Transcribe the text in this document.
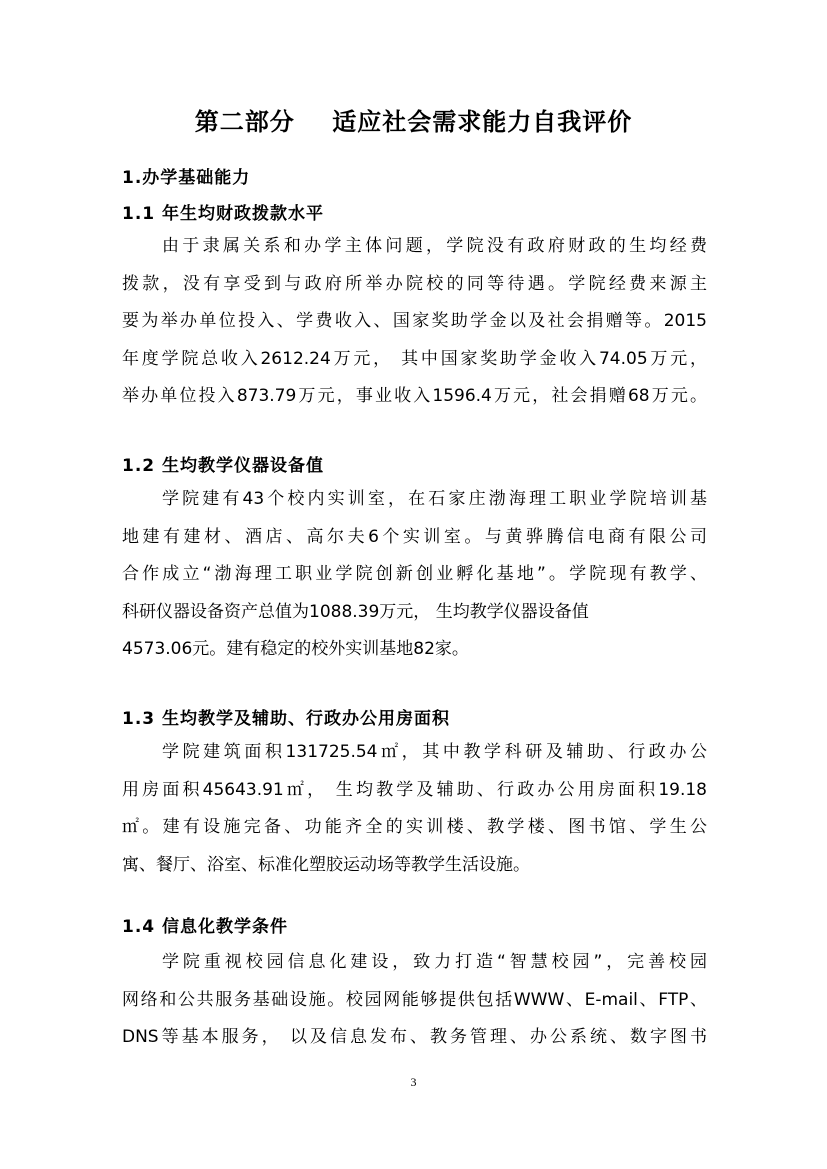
第二部分    适应社会需求能力自我评价
1.办学基础能力
1.1 年生均财政拨款水平
由于隶属关系和办学主体问题，学院没有政府财政的生均经费
拨款，没有享受到与政府所举办院校的同等待遇。学院经费来源主
要为举办单位投入、学费收入、国家奖助学金以及社会捐赠等。2015
年度学院总收入2612.24万元， 其中国家奖助学金收入74.05万元，
举办单位投入873.79万元，事业收入1596.4万元，社会捐赠68万元。
1.2 生均教学仪器设备值
学院建有43个校内实训室，在石家庄渤海理工职业学院培训基
地建有建材、酒店、高尔夫6个实训室。与黄骅腾信电商有限公司
合作成立“渤海理工职业学院创新创业孵化基地”。学院现有教学、
科研仪器设备资产总值为1088.39万元， 生均教学仪器设备值
4573.06元。建有稳定的校外实训基地82家。
1.3 生均教学及辅助、行政办公用房面积
学院建筑面积131725.54㎡，其中教学科研及辅助、行政办公
用房面积45643.91㎡， 生均教学及辅助、行政办公用房面积19.18
㎡。建有设施完备、功能齐全的实训楼、教学楼、图书馆、学生公
寓、餐厅、浴室、标准化塑胶运动场等教学生活设施。
1.4 信息化教学条件
学院重视校园信息化建设，致力打造“智慧校园”，完善校园
网络和公共服务基础设施。校园网能够提供包括WWW、E-mail、FTP、
DNS等基本服务， 以及信息发布、教务管理、办公系统、数字图书
3
